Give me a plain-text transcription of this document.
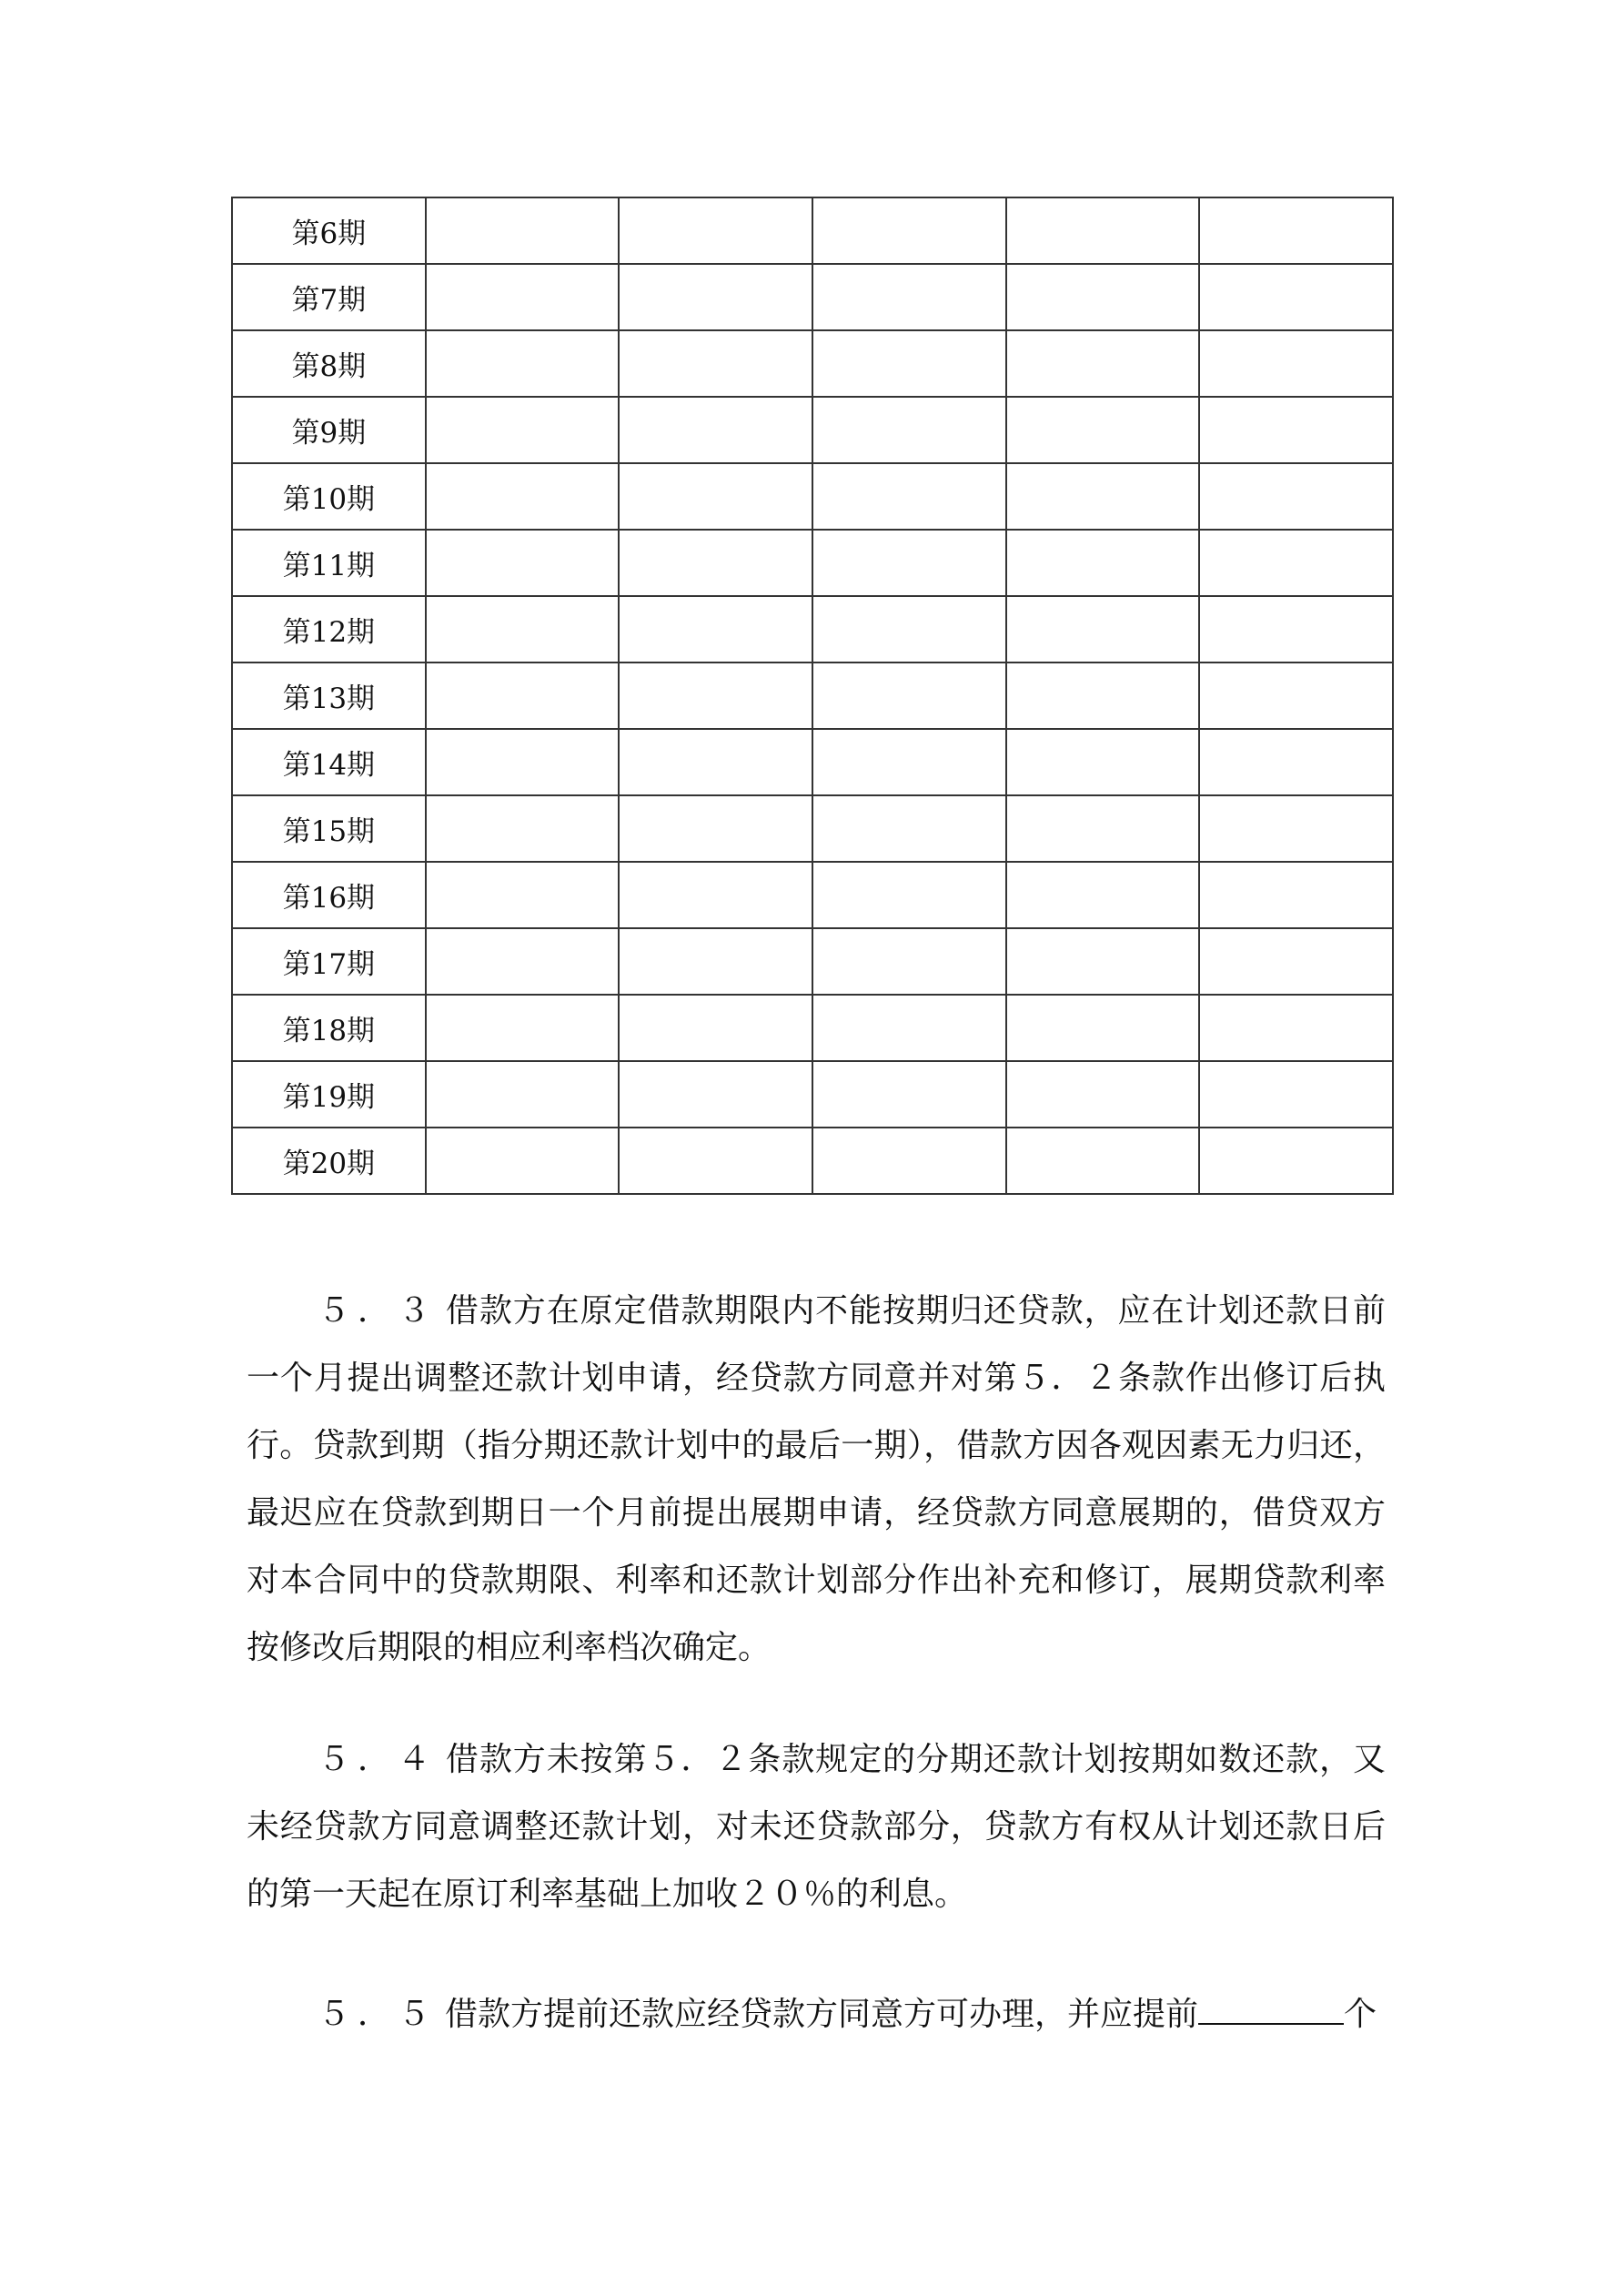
第6期					
第7期					
第8期					
第9期					
第10期					
第11期					
第12期					
第13期					
第14期					
第15期					
第16期					
第17期					
第18期					
第19期					
第20期					
５．３ 借款方在原定借款期限内不能按期归还贷款，应在计划还款日前一个月提出调整还款计划申请，经贷款方同意并对第５．２条款作出修订后执行。贷款到期（指分期还款计划中的最后一期），借款方因各观因素无力归还，最迟应在贷款到期日一个月前提出展期申请，经贷款方同意展期的，借贷双方对本合同中的贷款期限、利率和还款计划部分作出补充和修订，展期贷款利率按修改后期限的相应利率档次确定。
５．４ 借款方未按第５．２条款规定的分期还款计划按期如数还款，又未经贷款方同意调整还款计划，对未还贷款部分，贷款方有权从计划还款日后的第一天起在原订利率基础上加收２０％的利息。
５．５ 借款方提前还款应经贷款方同意方可办理，并应提前	个
